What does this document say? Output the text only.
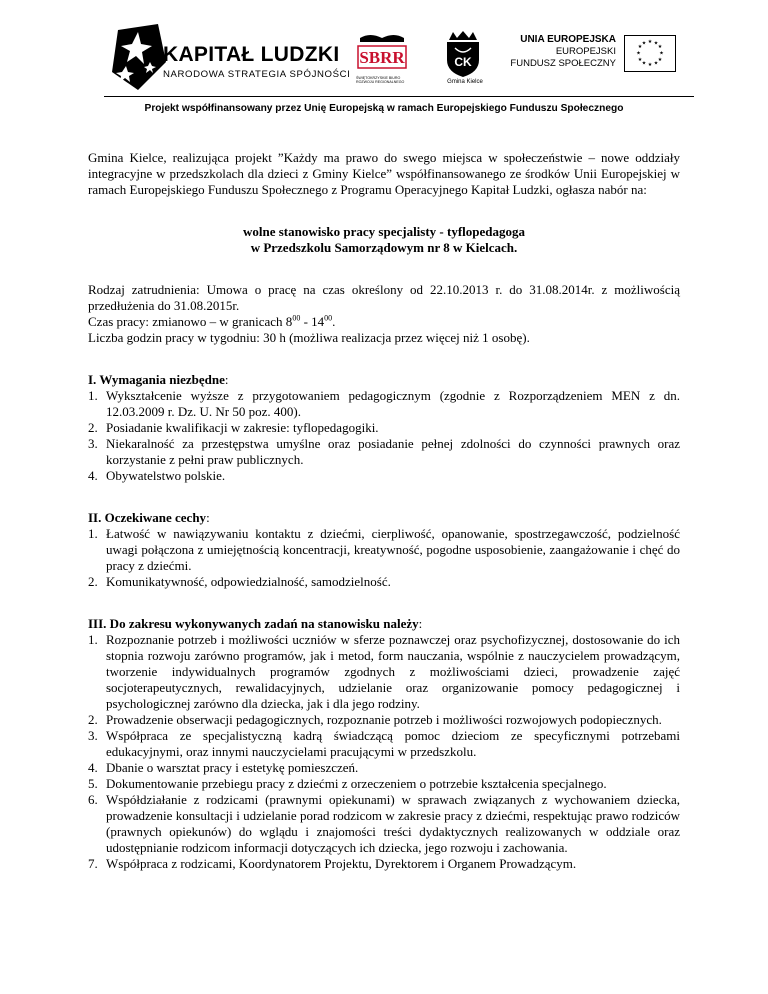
KAPITAŁ LUDZKI
NARODOWA STRATEGIA SPÓJNOŚCI
SBRR
ŚWIĘTOKRZYSKIE BIURO ROZWOJU REGIONALNEGO
CK
Gmina Kielce
UNIA EUROPEJSKA
EUROPEJSKI
FUNDUSZ SPOŁECZNY
★ ★
★
★
★
★
★
★
★
★
★
★
Projekt współfinansowany przez Unię Europejską w ramach Europejskiego Funduszu Społecznego

Gmina Kielce, realizująca projekt ”Każdy ma prawo do swego miejsca w społeczeństwie – nowe oddziały integracyjne w przedszkolach dla dzieci z Gminy Kielce” współfinansowanego ze środków Unii Europejskiej w ramach Europejskiego Funduszu Społecznego z Programu Operacyjnego Kapitał Ludzki, ogłasza nabór na:

wolne stanowisko pracy specjalisty - tyflopedagoga

w Przedszkolu Samorządowym nr 8 w Kielcach.

Rodzaj zatrudnienia: Umowa o pracę na czas określony od 22.10.2013 r. do 31.08.2014r. z możliwością przedłużenia do 31.08.2015r.

Czas pracy: zmianowo – w granicach $8^{00} - 14^{00}$.

Liczba godzin pracy w tygodniu: 30 h (możliwa realizacja przez więcej niż 1 osobę).

I. Wymagania niezbędne:

1. Wykształcenie wyższe z przygotowaniem pedagogicznym (zgodnie z Rozporządzeniem MEN z dn. 12.03.2009 r. Dz. U. Nr 50 poz. 400).
2. Posiadanie kwalifikacji w zakresie: tyflopedagogiki.
3. Niekaralność za przestępstwa umyślne oraz posiadanie pełnej zdolności do czynności prawnych oraz korzystanie z pełni praw publicznych.
4. Obywatelstwo polskie.

II. Oczekiwane cechy:

1. Łatwość w nawiązywaniu kontaktu z dziećmi, cierpliwość, opanowanie, spostrzegawczość, podzielność uwagi połączona z umiejętnością koncentracji, kreatywność, pogodne usposobienie, zaangażowanie i chęć do pracy z dziećmi.
2. Komunikatywność, odpowiedzialność, samodzielność.

III. Do zakresu wykonywanych zadań na stanowisku należy:

1. Rozpoznanie potrzeb i możliwości uczniów w sferze poznawczej oraz psychofizycznej, dostosowanie do ich stopnia rozwoju zarówno programów, jak i metod, form nauczania, wspólnie z nauczycielem prowadzącym, tworzenie indywidualnych programów zgodnych z możliwościami dzieci, prowadzenie zajęć socjoterapeutycznych, rewalidacyjnych, udzielanie oraz organizowanie pomocy pedagogicznej i psychologicznej zarówno dla dziecka, jak i dla jego rodziny.
2. Prowadzenie obserwacji pedagogicznych, rozpoznanie potrzeb i możliwości rozwojowych podopiecznych.
3. Współpraca ze specjalistyczną kadrą świadczącą pomoc dzieciom ze specyficznymi potrzebami edukacyjnymi, oraz innymi nauczycielami pracującymi w przedszkolu.
4. Dbanie o warsztat pracy i estetykę pomieszczeń.
5. Dokumentowanie przebiegu pracy z dziećmi z orzeczeniem o potrzebie kształcenia specjalnego.
6. Współdziałanie z rodzicami (prawnymi opiekunami) w sprawach związanych z wychowaniem dziecka, prowadzenie konsultacji i udzielanie porad rodzicom w zakresie pracy z dziećmi, respektując prawo rodziców (prawnych opiekunów) do wglądu i znajomości treści dydaktycznych realizowanych w oddziale oraz udostępnianie rodzicom informacji dotyczących ich dziecka, jego rozwoju i zachowania.
7. Współpraca z rodzicami, Koordynatorem Projektu, Dyrektorem i Organem Prowadzącym.
